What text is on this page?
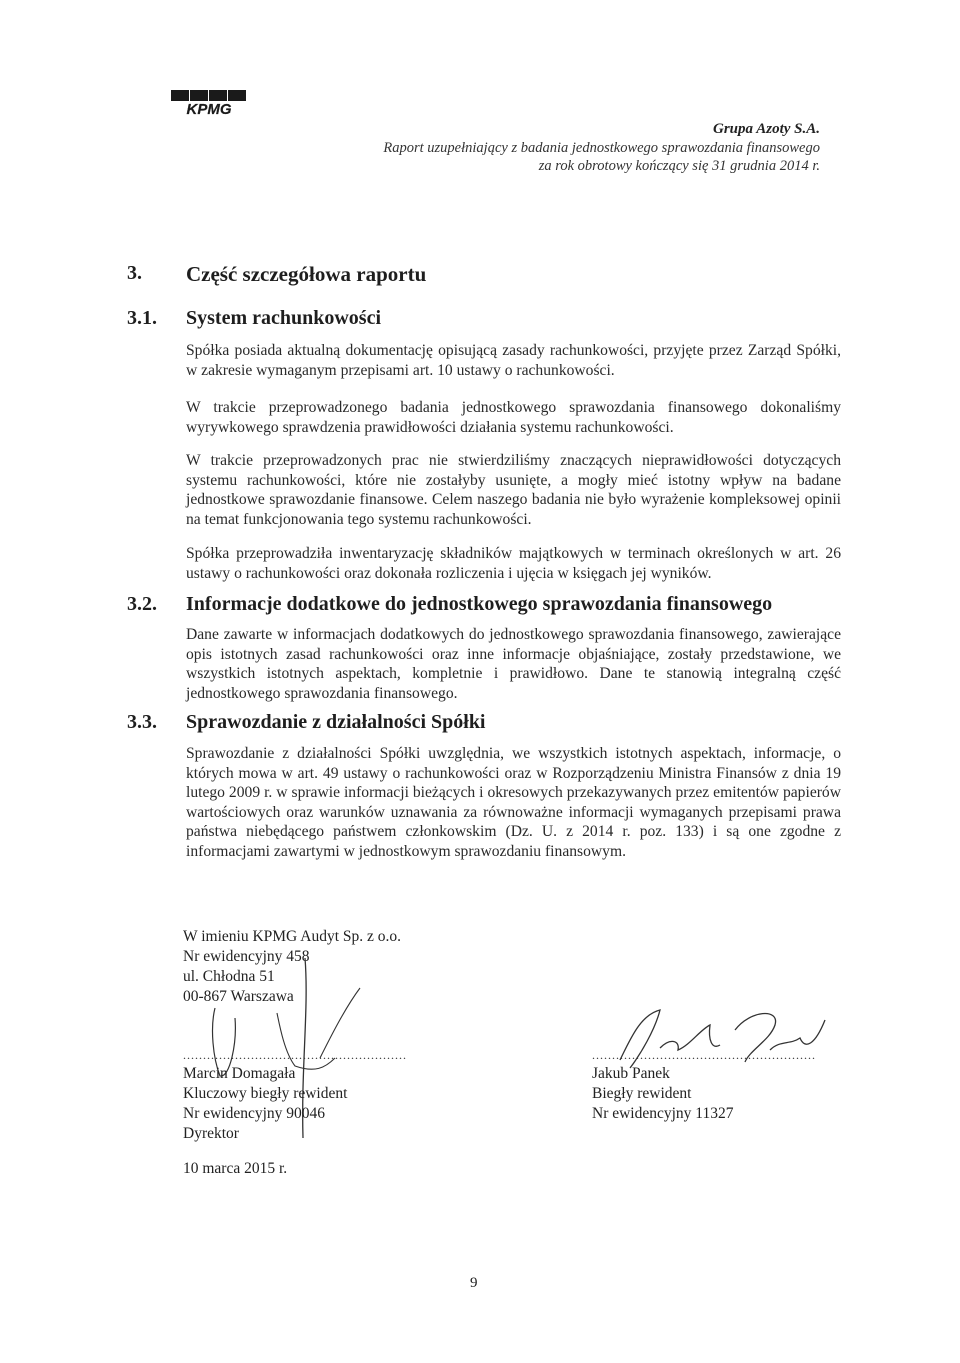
KPMG
Grupa Azoty S.A.
Raport uzupełniający z badania jednostkowego sprawozdania finansowego
za rok obrotowy kończący się 31 grudnia 2014 r.
3. Część szczegółowa raportu
3.1. System rachunkowości
Spółka posiada aktualną dokumentację opisującą zasady rachunkowości, przyjęte przez Zarząd Spółki, w zakresie wymaganym przepisami art. 10 ustawy o rachunkowości.
W trakcie przeprowadzonego badania jednostkowego sprawozdania finansowego dokonaliśmy wyrywkowego sprawdzenia prawidłowości działania systemu rachunkowości.
W trakcie przeprowadzonych prac nie stwierdziliśmy znaczących nieprawidłowości dotyczących systemu rachunkowości, które nie zostałyby usunięte, a mogły mieć istotny wpływ na badane jednostkowe sprawozdanie finansowe. Celem naszego badania nie było wyrażenie kompleksowej opinii na temat funkcjonowania tego systemu rachunkowości.
Spółka przeprowadziła inwentaryzację składników majątkowych w terminach określonych w art. 26 ustawy o rachunkowości oraz dokonała rozliczenia i ujęcia w księgach jej wyników.
3.2. Informacje dodatkowe do jednostkowego sprawozdania finansowego
Dane zawarte w informacjach dodatkowych do jednostkowego sprawozdania finansowego, zawierające opis istotnych zasad rachunkowości oraz inne informacje objaśniające, zostały przedstawione, we wszystkich istotnych aspektach, kompletnie i prawidłowo. Dane te stanowią integralną część jednostkowego sprawozdania finansowego.
3.3. Sprawozdanie z działalności Spółki
Sprawozdanie z działalności Spółki uwzględnia, we wszystkich istotnych aspektach, informacje, o których mowa w art. 49 ustawy o rachunkowości oraz w Rozporządzeniu Ministra Finansów z dnia 19 lutego 2009 r. w sprawie informacji bieżących i okresowych przekazywanych przez emitentów papierów wartościowych oraz warunków uznawania za równoważne informacji wymaganych przepisami prawa państwa niebędącego państwem członkowskim (Dz. U. z 2014 r. poz. 133) i są one zgodne z informacjami zawartymi w jednostkowym sprawozdaniu finansowym.
W imieniu KPMG Audyt Sp. z o.o.
Nr ewidencyjny 458
ul. Chłodna 51
00-867 Warszawa
........................................................
Marcin Domagała
Kluczowy biegły rewident
Nr ewidencyjny 90046
Dyrektor
........................................................
Jakub Panek
Biegły rewident
Nr ewidencyjny 11327
10 marca 2015 r.
9
